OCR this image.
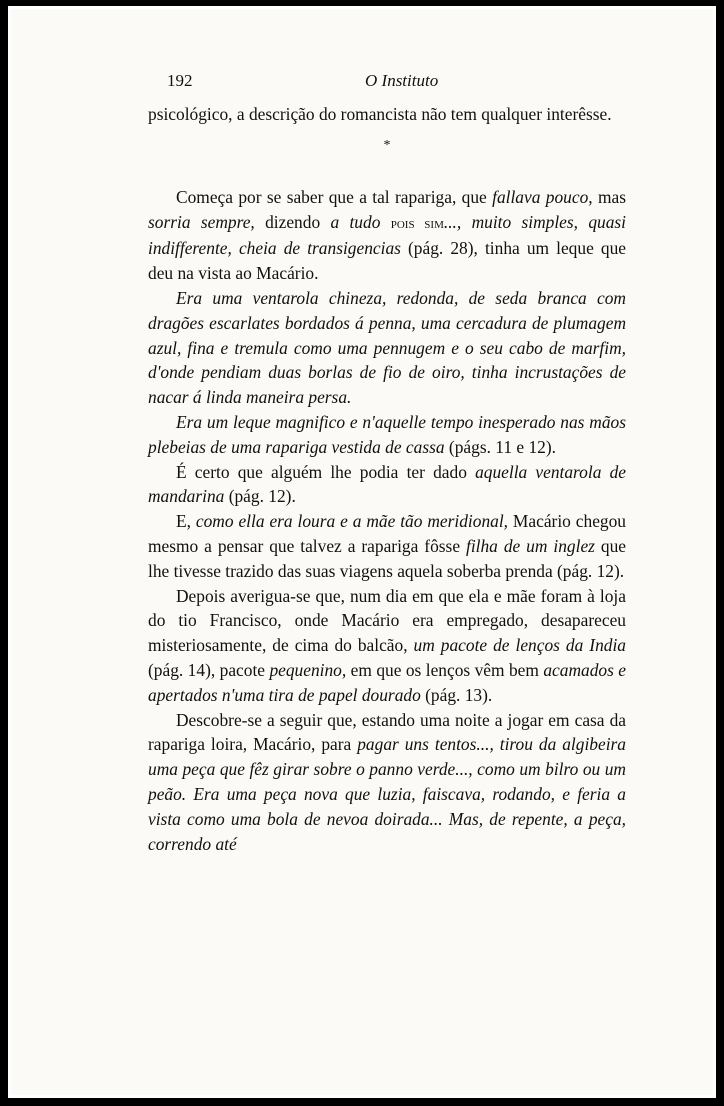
192	O Instituto

psicológico, a descrição do romancista não tem qualquer interêsse.

*

Começa por se saber que a tal rapariga, que fallava pouco, mas sorria sempre, dizendo a tudo pois sim..., muito simples, quasi indifferente, cheia de transigencias (pág. 28), tinha um leque que deu na vista ao Macário.

Era uma ventarola chineza, redonda, de seda branca com dragões escarlates bordados á penna, uma cercadura de plumagem azul, fina e tremula como uma pennugem e o seu cabo de marfim, d'onde pendiam duas borlas de fio de oiro, tinha incrustações de nacar á linda maneira persa.

Era um leque magnifico e n'aquelle tempo inesperado nas mãos plebeias de uma rapariga vestida de cassa (págs. 11 e 12).

É certo que alguém lhe podia ter dado aquella ventarola de mandarina (pág. 12).

E, como ella era loura e a mãe tão meridional, Macário chegou mesmo a pensar que talvez a rapariga fôsse filha de um inglez que lhe tivesse trazido das suas viagens aquela soberba prenda (pág. 12).

Depois averigua-se que, num dia em que ela e mãe foram à loja do tio Francisco, onde Macário era empregado, desapareceu misteriosamente, de cima do balcão, um pacote de lenços da India (pág. 14), pacote pequenino, em que os lenços vêm bem acamados e apertados n'uma tira de papel dourado (pág. 13).

Descobre-se a seguir que, estando uma noite a jogar em casa da rapariga loira, Macário, para pagar uns tentos..., tirou da algibeira uma peça que fêz girar sobre o panno verde..., como um bilro ou um peão. Era uma peça nova que luzia, faiscava, rodando, e feria a vista como uma bola de nevoa doirada... Mas, de repente, a peça, correndo até
